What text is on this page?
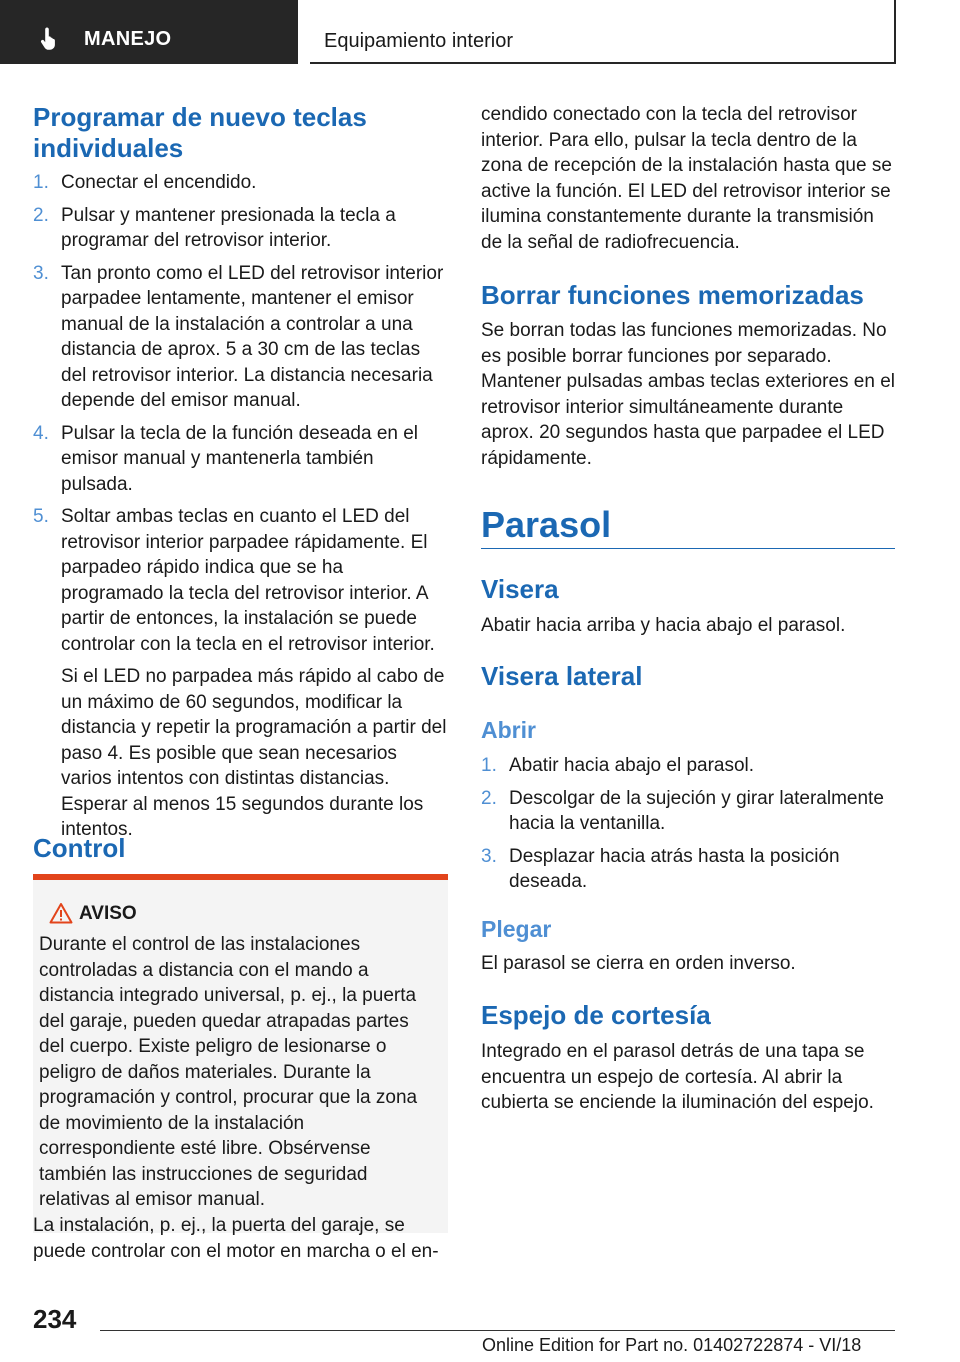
MANEJO	Equipamiento interior
Programar de nuevo teclas individuales
1. Conectar el encendido.
2. Pulsar y mantener presionada la tecla a programar del retrovisor interior.
3. Tan pronto como el LED del retrovisor interior parpadee lentamente, mantener el emisor manual de la instalación a controlar a una distancia de aprox. 5 a 30 cm de las teclas del retrovisor interior. La distancia necesaria depende del emisor manual.
4. Pulsar la tecla de la función deseada en el emisor manual y mantenerla también pulsada.
5. Soltar ambas teclas en cuanto el LED del retrovisor interior parpadee rápidamente. El parpadeo rápido indica que se ha programado la tecla del retrovisor interior. A partir de entonces, la instalación se puede controlar con la tecla en el retrovisor interior.
Si el LED no parpadea más rápido al cabo de un máximo de 60 segundos, modificar la distancia y repetir la programación a partir del paso 4. Es posible que sean necesarios varios intentos con distintas distancias. Esperar al menos 15 segundos durante los intentos.
Control
AVISO

Durante el control de las instalaciones controladas a distancia con el mando a distancia integrado universal, p. ej., la puerta del garaje, pueden quedar atrapadas partes del cuerpo. Existe peligro de lesionarse o peligro de daños materiales. Durante la programación y control, procurar que la zona de movimiento de la instalación correspondiente esté libre. Obsérvense también las instrucciones de seguridad relativas al emisor manual.

La instalación, p. ej., la puerta del garaje, se puede controlar con el motor en marcha o el en-

cendido conectado con la tecla del retrovisor interior. Para ello, pulsar la tecla dentro de la zona de recepción de la instalación hasta que se active la función. El LED del retrovisor interior se ilumina constantemente durante la transmisión de la señal de radiofrecuencia.

Borrar funciones memorizadas

Se borran todas las funciones memorizadas. No es posible borrar funciones por separado. Mantener pulsadas ambas teclas exteriores en el retrovisor interior simultáneamente durante aprox. 20 segundos hasta que parpadee el LED rápidamente.

Parasol
Visera

Abatir hacia arriba y hacia abajo el parasol.

Visera lateral
Abrir
1. Abatir hacia abajo el parasol.
2. Descolgar de la sujeción y girar lateralmente hacia la ventanilla.
3. Desplazar hacia atrás hasta la posición deseada.
Plegar

El parasol se cierra en orden inverso.

Espejo de cortesía

Integrado en el parasol detrás de una tapa se encuentra un espejo de cortesía. Al abrir la cubierta se enciende la iluminación del espejo.

234
Online Edition for Part no. 01402722874 - VI/18
